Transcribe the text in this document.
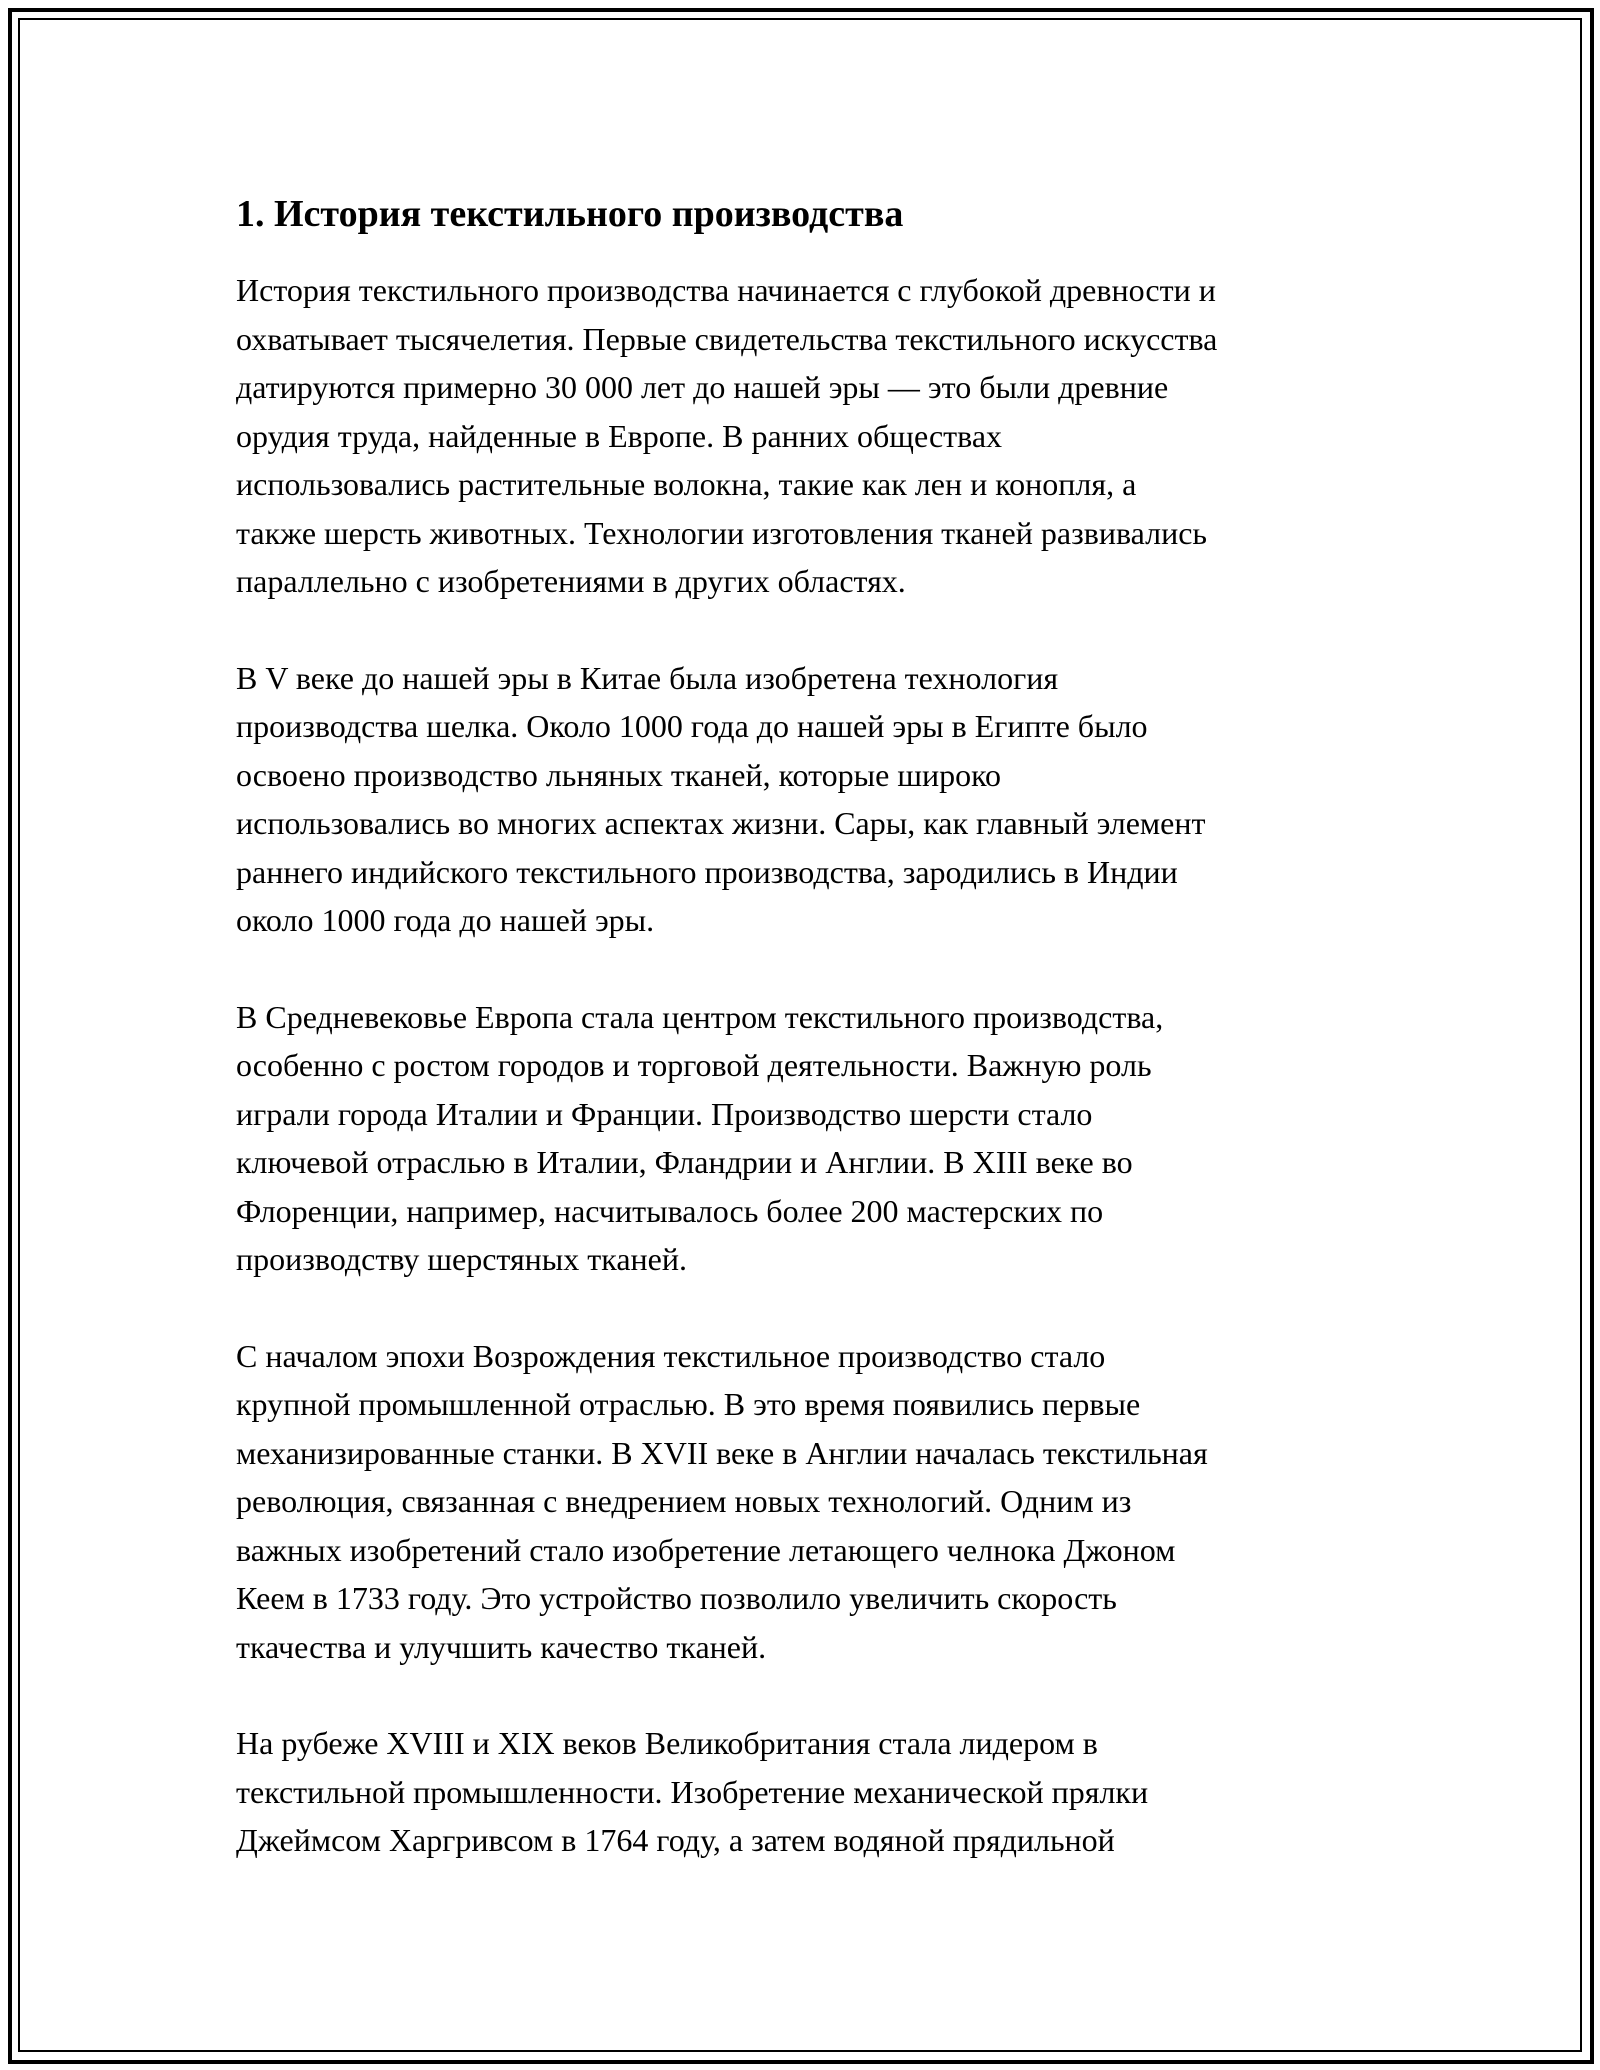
1. История текстильного производства

История текстильного производства начинается с глубокой древности и
охватывает тысячелетия. Первые свидетельства текстильного искусства
датируются примерно 30 000 лет до нашей эры — это были древние
орудия труда, найденные в Европе. В ранних обществах
использовались растительные волокна, такие как лен и конопля, а
также шерсть животных. Технологии изготовления тканей развивались
параллельно с изобретениями в других областях.

В V веке до нашей эры в Китае была изобретена технология
производства шелка. Около 1000 года до нашей эры в Египте было
освоено производство льняных тканей, которые широко
использовались во многих аспектах жизни. Сары, как главный элемент
раннего индийского текстильного производства, зародились в Индии
около 1000 года до нашей эры.

В Средневековье Европа стала центром текстильного производства,
особенно с ростом городов и торговой деятельности. Важную роль
играли города Италии и Франции. Производство шерсти стало
ключевой отраслью в Италии, Фландрии и Англии. В XIII веке во
Флоренции, например, насчитывалось более 200 мастерских по
производству шерстяных тканей.

С началом эпохи Возрождения текстильное производство стало
крупной промышленной отраслью. В это время появились первые
механизированные станки. В XVII веке в Англии началась текстильная
революция, связанная с внедрением новых технологий. Одним из
важных изобретений стало изобретение летающего челнока Джоном
Кеем в 1733 году. Это устройство позволило увеличить скорость
ткачества и улучшить качество тканей.

На рубеже XVIII и XIX веков Великобритания стала лидером в
текстильной промышленности. Изобретение механической прялки
Джеймсом Харгривсом в 1764 году, а затем водяной прядильной
